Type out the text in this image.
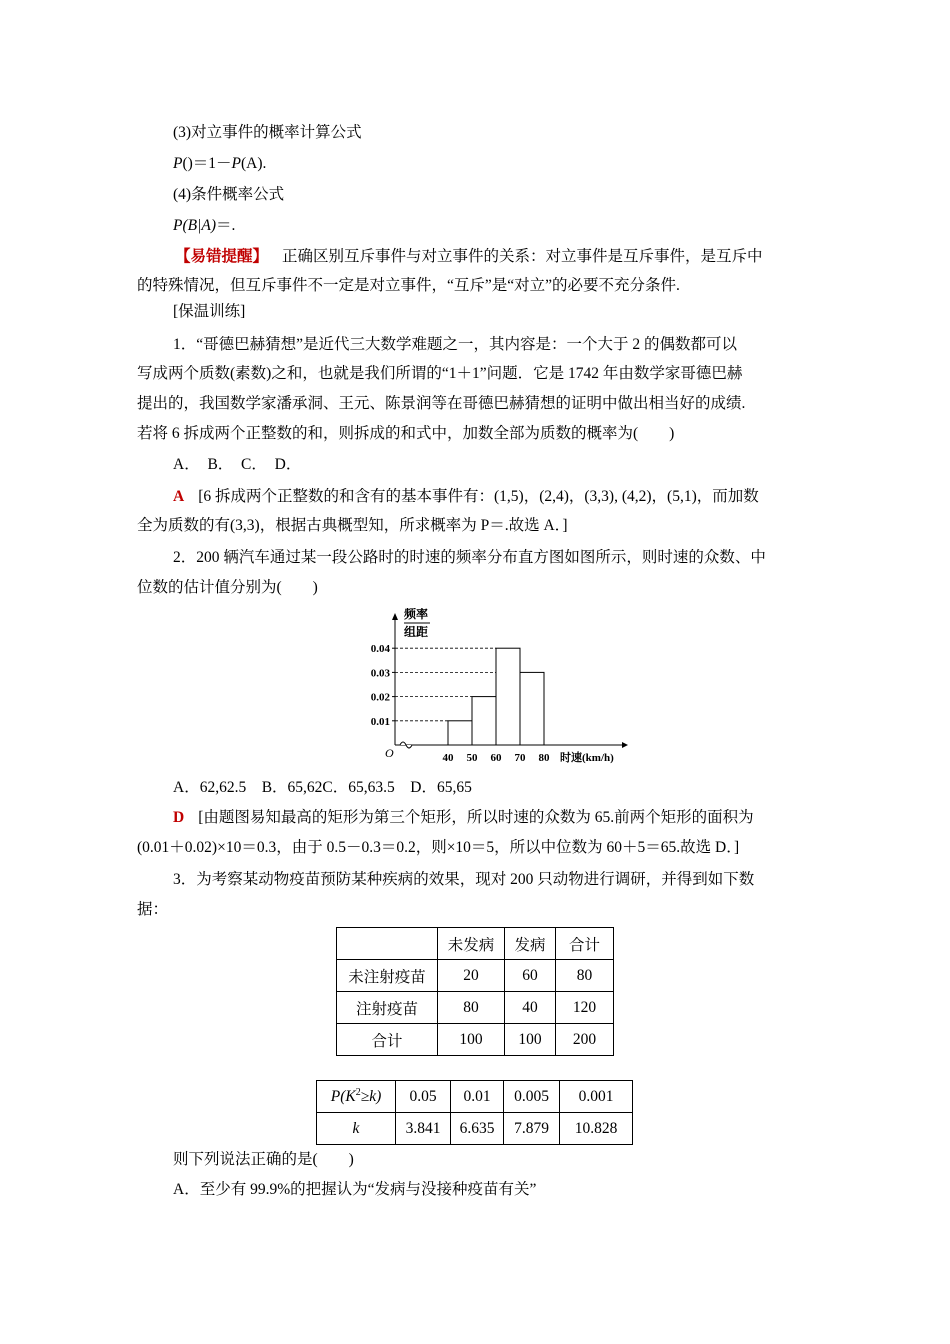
(3)对立事件的概率计算公式
P()＝1－P(A).
(4)条件概率公式
P(B|A)＝.
【易错提醒】 正确区别互斥事件与对立事件的关系：对立事件是互斥事件，是互斥中
的特殊情况，但互斥事件不一定是对立事件，“互斥”是“对立”的必要不充分条件.
[保温训练]
1．“哥德巴赫猜想”是近代三大数学难题之一，其内容是：一个大于 2 的偶数都可以
写成两个质数(素数)之和，也就是我们所谓的“1＋1”问题．它是 1742 年由数学家哥德巴赫
提出的，我国数学家潘承洞、王元、陈景润等在哥德巴赫猜想的证明中做出相当好的成绩.
若将 6 拆成两个正整数的和，则拆成的和式中，加数全部为质数的概率为(　　)
A．　B．　C．　D．
A [6 拆成两个正整数的和含有的基本事件有：(1,5)，(2,4)，(3,3), (4,2)，(5,1)，而加数
全为质数的有(3,3)，根据古典概型知，所求概率为 P＝.故选 A．]
2．200 辆汽车通过某一段公路时的时速的频率分布直方图如图所示，则时速的众数、中
位数的估计值分别为(　　)
频率
组距
O	时速(km/h)
0.01
0.02
0.03
0.04
40 50 60 70 80
A．62,62.5　B．65,62C．65,63.5　D．65,65
D [由题图易知最高的矩形为第三个矩形，所以时速的众数为 65.前两个矩形的面积为
(0.01＋0.02)×10＝0.3，由于 0.5－0.3＝0.2，则×10＝5，所以中位数为 60＋5＝65.故选 D．]
3．为考察某动物疫苗预防某种疾病的效果，现对 200 只动物进行调研，并得到如下数
据：
	未发病	发病	合计
未注射疫苗	20	60	80
注射疫苗	80	40	120
合计	100	100	200
$P(K^2\ge k)$	0.05	0.01	0.005	0.001
k	3.841	6.635	7.879	10.828
则下列说法正确的是(　　)
A．至少有 99.9%的把握认为“发病与没接种疫苗有关”
